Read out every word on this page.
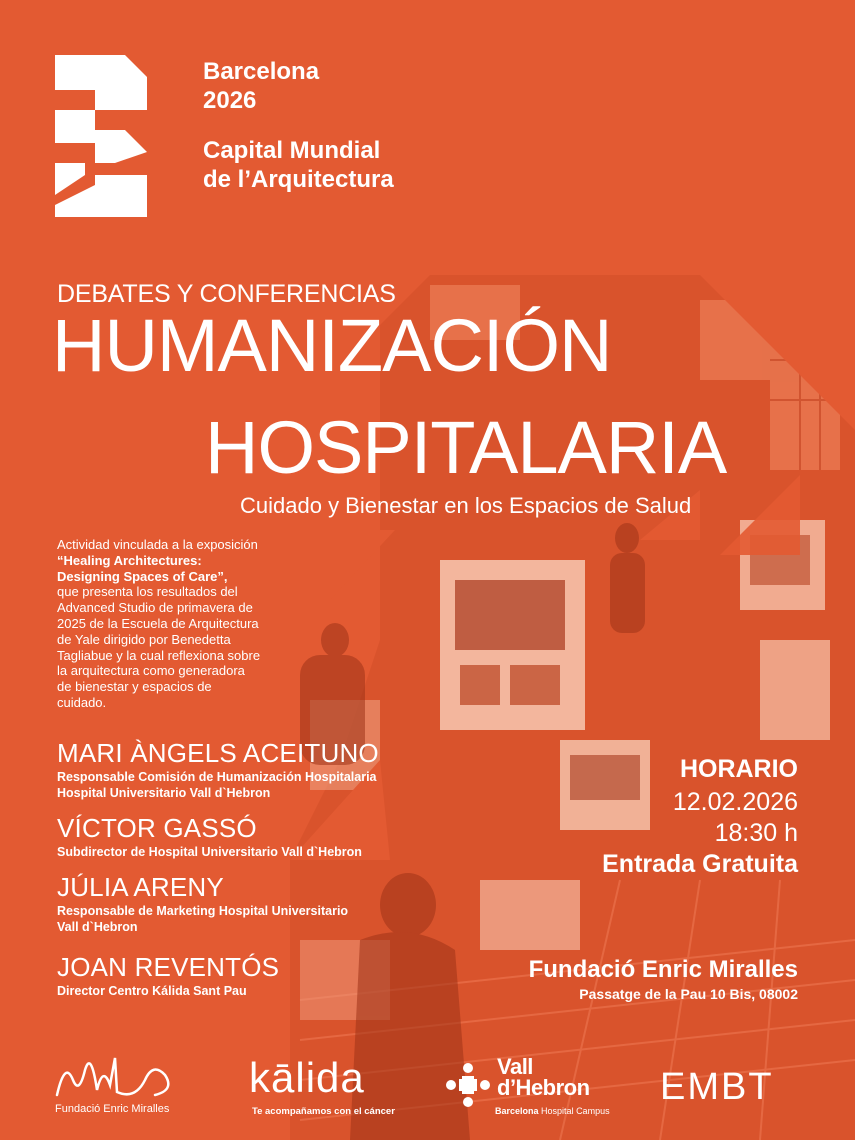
Barcelona
2026
Capital Mundial
de l’Arquitectura
DEBATES Y CONFERENCIAS
HUMANIZACIÓN
HOSPITALARIA
Cuidado y Bienestar en los Espacios de Salud
Actividad vinculada a la exposición
“Healing Architectures:
Designing Spaces of Care”,
que presenta los resultados del
Advanced Studio de primavera de
2025 de la Escuela de Arquitectura
de Yale dirigido por Benedetta
Tagliabue y la cual reflexiona sobre
la arquitectura como generadora
de bienestar y espacios de
cuidado.

MARI ÀNGELS ACEITUNO
Responsable Comisión de Humanización Hospitalaria
Hospital Universitario Vall d`Hebron
VÍCTOR GASSÓ
Subdirector de Hospital Universitario Vall d`Hebron
JÚLIA ARENY
Responsable de Marketing Hospital Universitario
Vall d`Hebron
JOAN REVENTÓS
Director Centro Kálida Sant Pau
HORARIO
12.02.2026
18:30 h
Entrada Gratuita
Fundació Enric Miralles
Passatge de la Pau 10 Bis, 08002
Fundació Enric Miralles
kālida
Te acompañamos con el cáncer
Vall
d’Hebron
Barcelona Hospital Campus
EMBT
